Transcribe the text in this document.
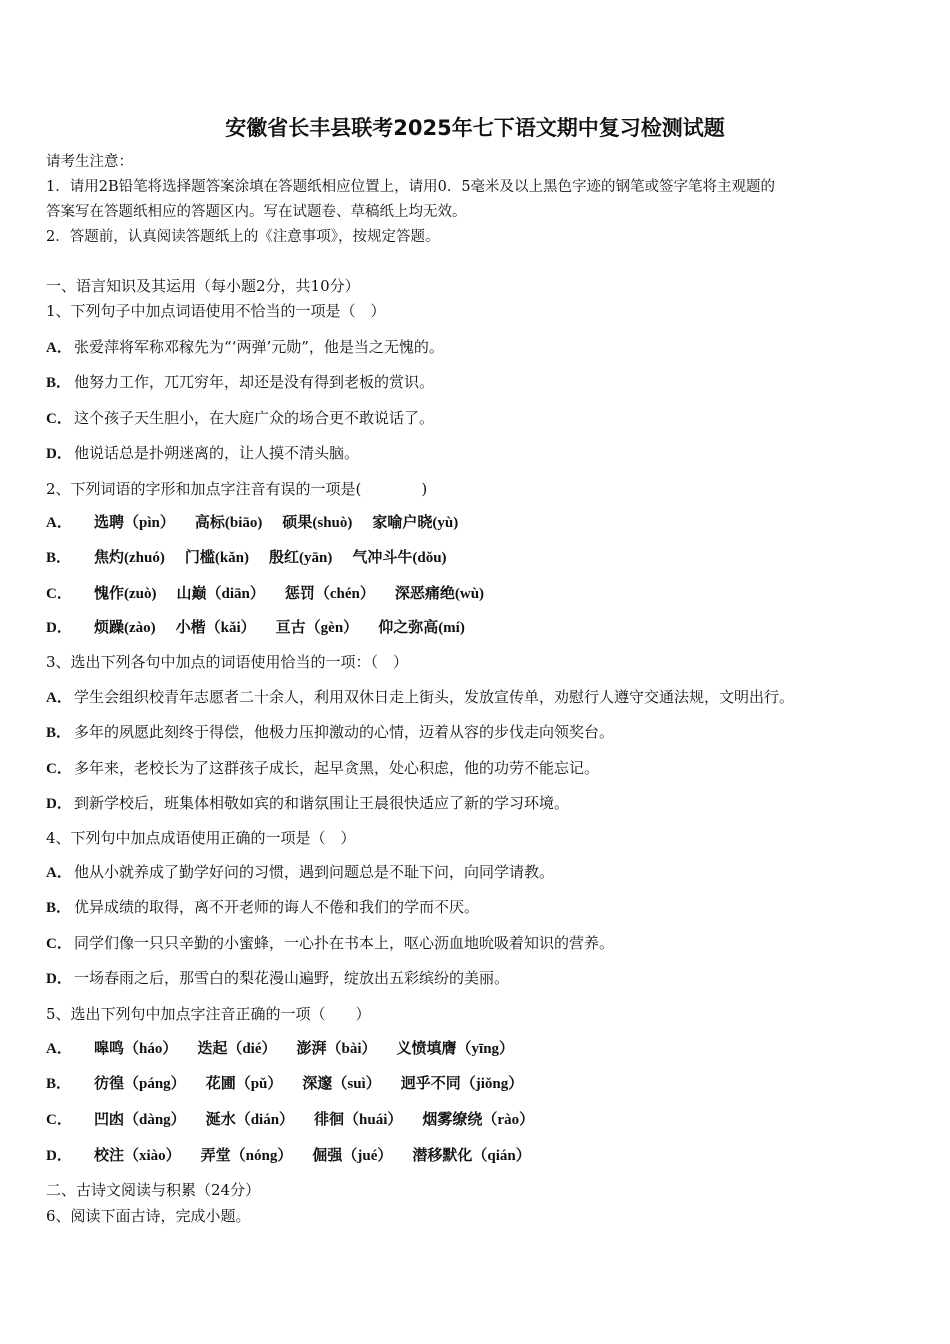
安徽省长丰县联考2025年七下语文期中复习检测试题
请考生注意：
1．请用2B铅笔将选择题答案涂填在答题纸相应位置上，请用0．5毫米及以上黑色字迹的钢笔或签字笔将主观题的
答案写在答题纸相应的答题区内。写在试题卷、草稿纸上均无效。
2．答题前，认真阅读答题纸上的《注意事项》，按规定答题。
一、语言知识及其运用（每小题2分，共10分）
1、下列句子中加点词语使用不恰当的一项是（　）
A． 张爱萍将军称邓稼先为“‘两弹’元勋”，他是当之无愧的。
B． 他努力工作，兀兀穷年，却还是没有得到老板的赏识。
C． 这个孩子天生胆小，在大庭广众的场合更不敢说话了。
D． 他说话总是扑朔迷离的，让人摸不清头脑。
2、下列词语的字形和加点字注音有误的一项是(　　　　)
A． 选聘（pìn） 高标(biāo) 硕果(shuò) 家喻户晓(yù)
B． 焦灼(zhuó) 门槛(kǎn) 殷红(yān) 气冲斗牛(dǒu)
C． 愧作(zuò) 山巅（diān） 惩罚（chén） 深恶痛绝(wù)
D． 烦躁(zào) 小楷（kǎi） 亘古（gèn） 仰之弥高(mí)
3、选出下列各句中加点的词语使用恰当的一项：（　）
A． 学生会组织校青年志愿者二十余人，利用双休日走上街头，发放宣传单，劝慰行人遵守交通法规，文明出行。
B． 多年的夙愿此刻终于得偿，他极力压抑激动的心情，迈着从容的步伐走向领奖台。
C． 多年来，老校长为了这群孩子成长，起早贪黑，处心积虑，他的功劳不能忘记。
D． 到新学校后，班集体相敬如宾的和谐氛围让王晨很快适应了新的学习环境。
4、下列句中加点成语使用正确的一项是（　）
A． 他从小就养成了勤学好问的习惯，遇到问题总是不耻下问，向同学请教。
B． 优异成绩的取得，离不开老师的诲人不倦和我们的学而不厌。
C． 同学们像一只只辛勤的小蜜蜂，一心扑在书本上，呕心沥血地吮吸着知识的营养。
D． 一场春雨之后，那雪白的梨花漫山遍野，绽放出五彩缤纷的美丽。
5、选出下列句中加点字注音正确的一项（　　）
A． 嗥鸣（háo） 迭起（dié） 澎湃（bài） 义愤填膺（yīng）
B． 彷徨（páng） 花圃（pǔ） 深邃（suì） 迥乎不同（jiǒng）
C． 凹凼（dàng） 涎水（dián） 徘徊（huái） 烟雾缭绕（rào）
D． 校注（xiào） 弄堂（nóng） 倔强（jué） 潜移默化（qián）
二、古诗文阅读与积累（24分）
6、阅读下面古诗，完成小题。
